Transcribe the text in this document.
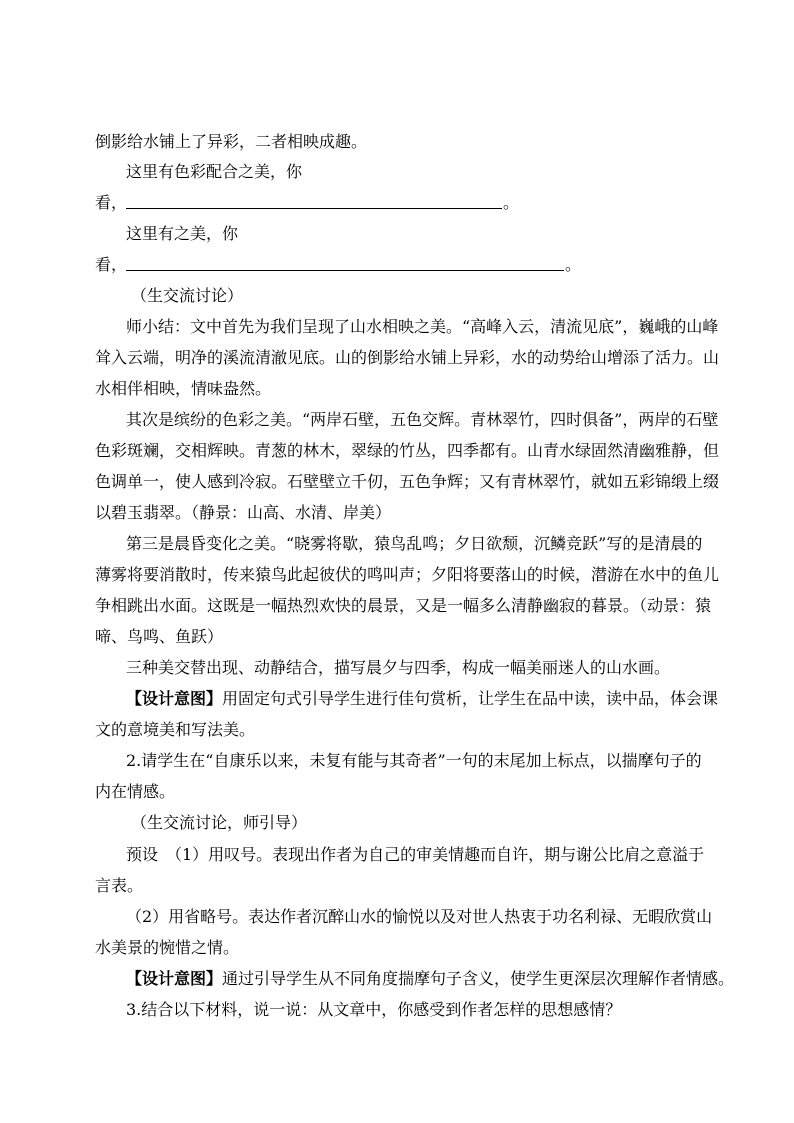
倒影给水铺上了异彩，二者相映成趣。
这里有色彩配合之美，你
看，	。
这里有之美，你
看，	。
（生交流讨论）
师小结：文中首先为我们呈现了山水相映之美。“高峰入云，清流见底”，巍峨的山峰
耸入云端，明净的溪流清澈见底。山的倒影给水铺上异彩，水的动势给山增添了活力。山
水相伴相映，情味盎然。
其次是缤纷的色彩之美。“两岸石壁，五色交辉。青林翠竹，四时俱备”，两岸的石壁
色彩斑斓，交相辉映。青葱的林木，翠绿的竹丛，四季都有。山青水绿固然清幽雅静，但
色调单一，使人感到冷寂。石壁壁立千仞，五色争辉；又有青林翠竹，就如五彩锦缎上缀
以碧玉翡翠。（静景：山高、水清、岸美）
第三是晨昏变化之美。“晓雾将歇，猿鸟乱鸣；夕日欲颓，沉鳞竞跃”写的是清晨的
薄雾将要消散时，传来猿鸟此起彼伏的鸣叫声；夕阳将要落山的时候，潜游在水中的鱼儿
争相跳出水面。这既是一幅热烈欢快的晨景，又是一幅多么清静幽寂的暮景。（动景：猿
啼、鸟鸣、鱼跃）
三种美交替出现、动静结合，描写晨夕与四季，构成一幅美丽迷人的山水画。
【设计意图】用固定句式引导学生进行佳句赏析，让学生在品中读，读中品，体会课
文的意境美和写法美。
2.请学生在“自康乐以来，未复有能与其奇者”一句的末尾加上标点，以揣摩句子的
内在情感。
（生交流讨论，师引导）
预设　（1）用叹号。表现出作者为自己的审美情趣而自许，期与谢公比肩之意溢于
言表。
（2）用省略号。表达作者沉醉山水的愉悦以及对世人热衷于功名利禄、无暇欣赏山
水美景的惋惜之情。
【设计意图】通过引导学生从不同角度揣摩句子含义，使学生更深层次理解作者情感。
3.结合以下材料，说一说：从文章中，你感受到作者怎样的思想感情？
